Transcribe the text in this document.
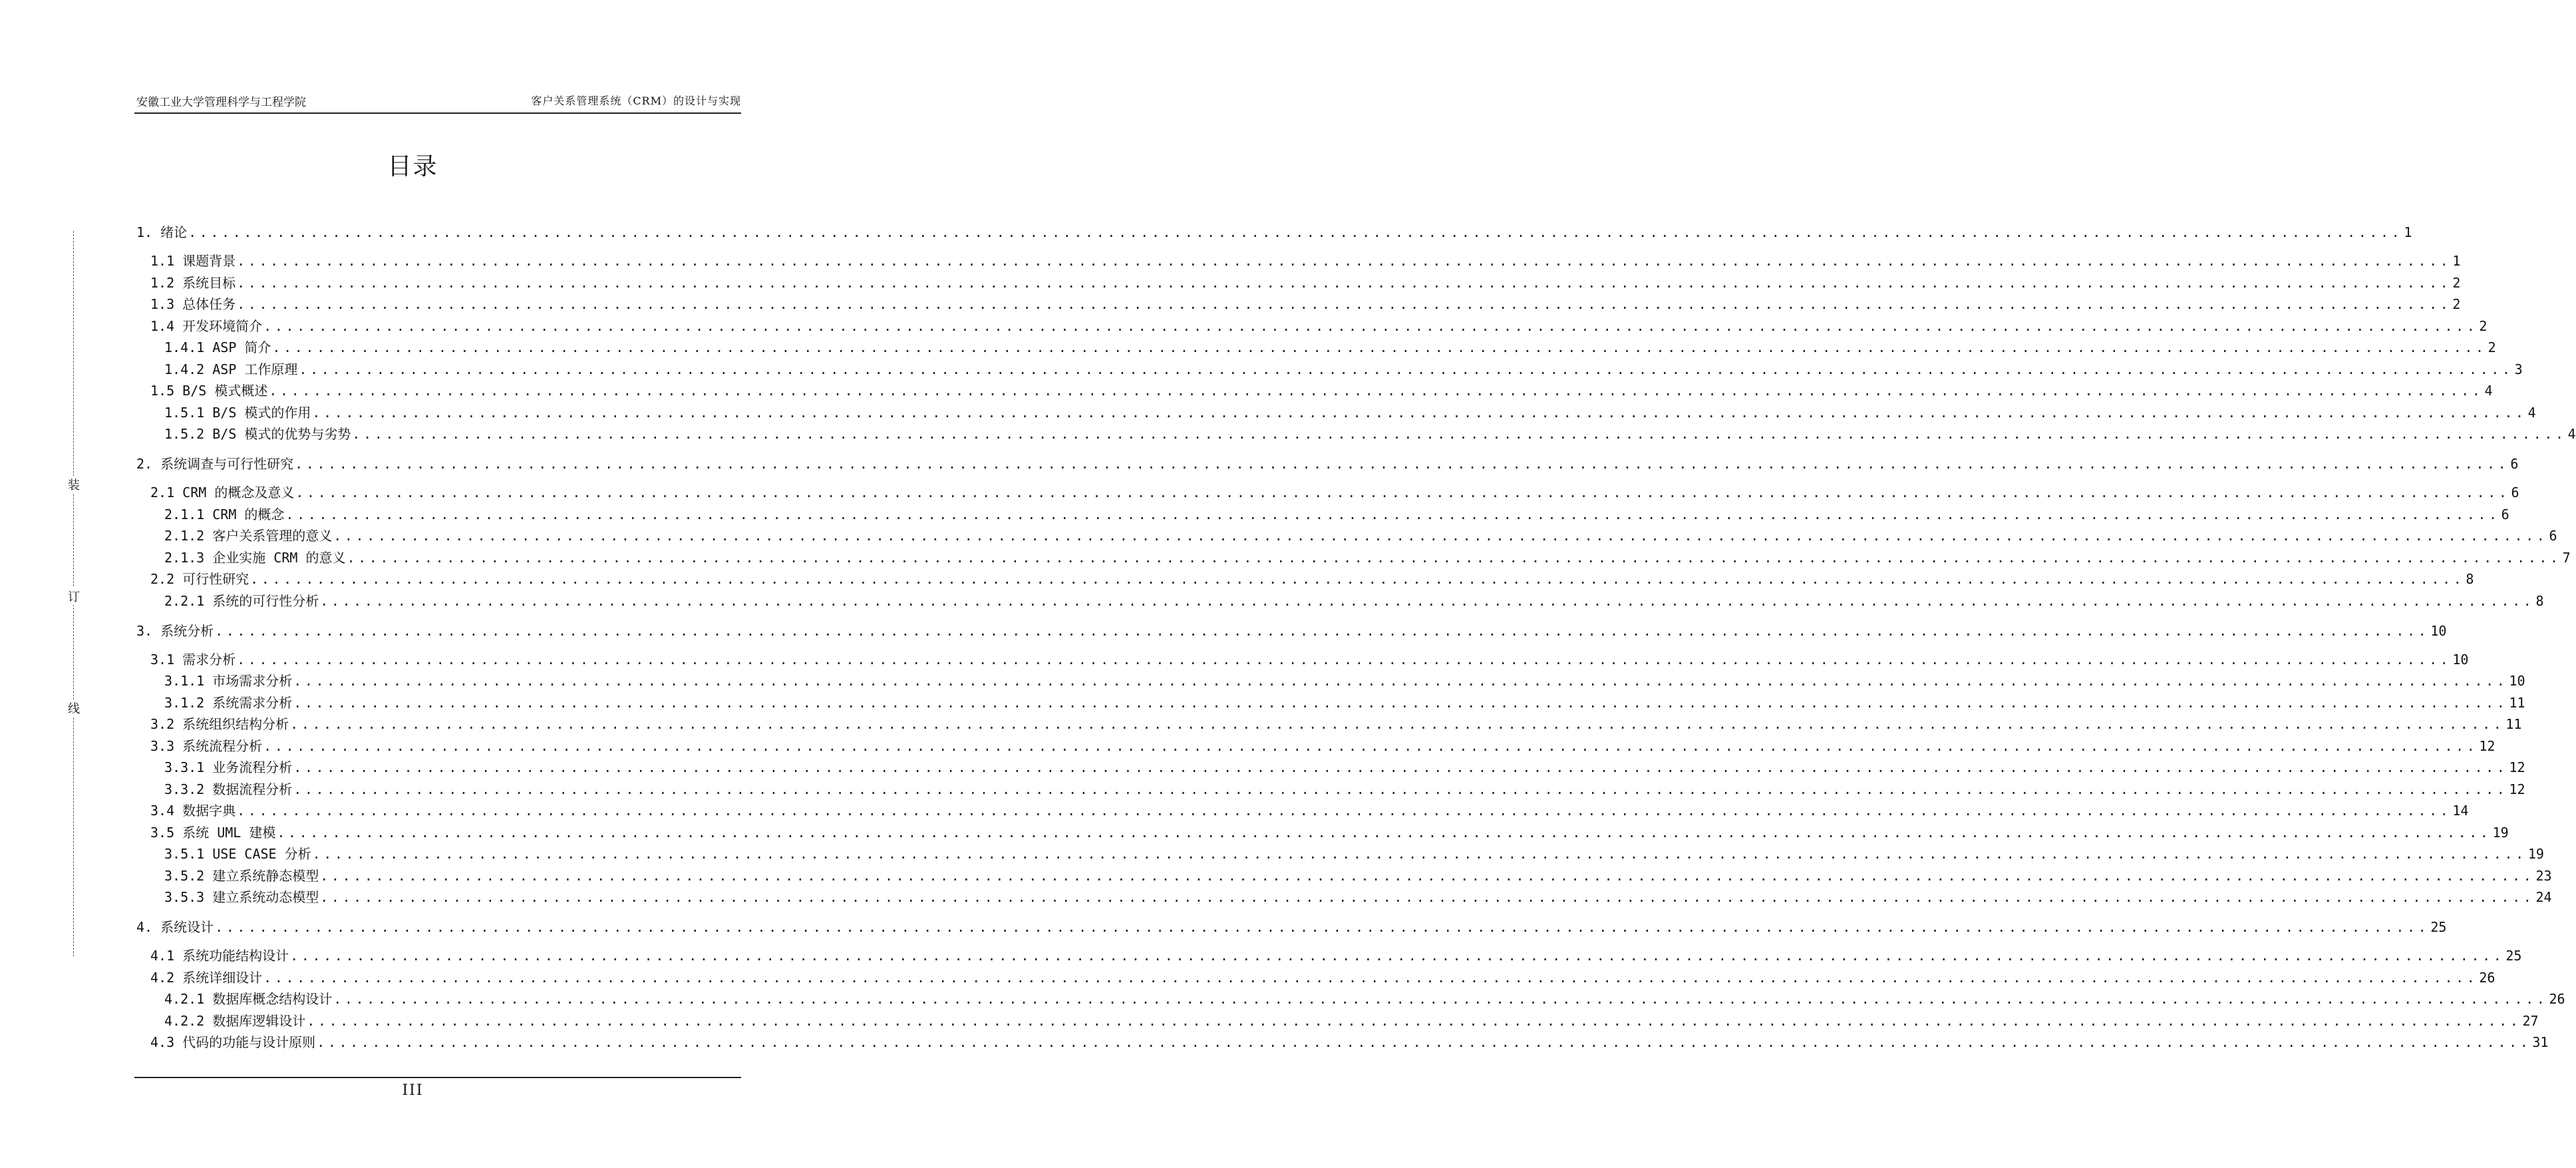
安徽工业大学管理科学与工程学院	客户关系管理系统（CRM）的设计与实现
目录
装
订
线
1. 绪论 ........................................................................................................................................................................................................ 1
1.1 课题背景 ........................................................................................................................................................................................................ 1
1.2 系统目标 ........................................................................................................................................................................................................ 2
1.3 总体任务 ........................................................................................................................................................................................................ 2
1.4 开发环境简介 ........................................................................................................................................................................................................ 2
1.4.1 ASP 简介 ........................................................................................................................................................................................................ 2
1.4.2 ASP 工作原理 ........................................................................................................................................................................................................ 3
1.5 B/S 模式概述 ........................................................................................................................................................................................................ 4
1.5.1 B/S 模式的作用 ........................................................................................................................................................................................................ 4
1.5.2 B/S 模式的优势与劣势 ........................................................................................................................................................................................................ 4
2. 系统调查与可行性研究 ........................................................................................................................................................................................................ 6
2.1 CRM 的概念及意义 ........................................................................................................................................................................................................ 6
2.1.1 CRM 的概念 ........................................................................................................................................................................................................ 6
2.1.2 客户关系管理的意义 ........................................................................................................................................................................................................ 6
2.1.3 企业实施 CRM 的意义 ........................................................................................................................................................................................................ 7
2.2 可行性研究 ........................................................................................................................................................................................................ 8
2.2.1 系统的可行性分析 ........................................................................................................................................................................................................ 8
3. 系统分析 ........................................................................................................................................................................................................ 10
3.1 需求分析 ........................................................................................................................................................................................................ 10
3.1.1 市场需求分析 ........................................................................................................................................................................................................ 10
3.1.2 系统需求分析 ........................................................................................................................................................................................................ 11
3.2 系统组织结构分析 ........................................................................................................................................................................................................ 11
3.3 系统流程分析 ........................................................................................................................................................................................................ 12
3.3.1 业务流程分析 ........................................................................................................................................................................................................ 12
3.3.2 数据流程分析 ........................................................................................................................................................................................................ 12
3.4 数据字典 ........................................................................................................................................................................................................ 14
3.5 系统 UML 建模 ........................................................................................................................................................................................................ 19
3.5.1 USE CASE 分析 ........................................................................................................................................................................................................ 19
3.5.2 建立系统静态模型 ........................................................................................................................................................................................................ 23
3.5.3 建立系统动态模型 ........................................................................................................................................................................................................ 24
4. 系统设计 ........................................................................................................................................................................................................ 25
4.1 系统功能结构设计 ........................................................................................................................................................................................................ 25
4.2 系统详细设计 ........................................................................................................................................................................................................ 26
4.2.1 数据库概念结构设计 ........................................................................................................................................................................................................ 26
4.2.2 数据库逻辑设计 ........................................................................................................................................................................................................ 27
4.3 代码的功能与设计原则 ........................................................................................................................................................................................................ 31
III
